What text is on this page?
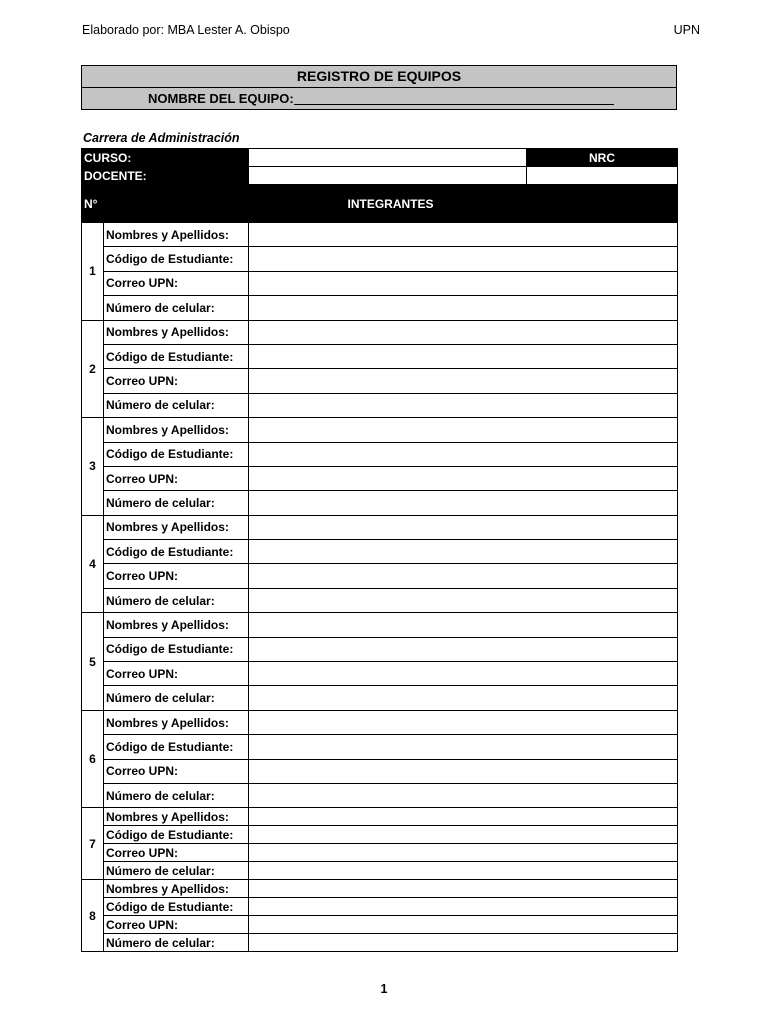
Elaborado por: MBA Lester A. Obispo	UPN
REGISTRO DE EQUIPOS
NOMBRE DEL EQUIPO:
Carrera de Administración
CURSO:			NRC
DOCENTE:			
N°	INTEGRANTES		
1	Nombres y Apellidos:		
	Código de Estudiante:		
	Correo UPN:		
	Número de celular:		
2	Nombres y Apellidos:		
	Código de Estudiante:		
	Correo UPN:		
	Número de celular:		
3	Nombres y Apellidos:		
	Código de Estudiante:		
	Correo UPN:		
	Número de celular:		
4	Nombres y Apellidos:		
	Código de Estudiante:		
	Correo UPN:		
	Número de celular:		
5	Nombres y Apellidos:		
	Código de Estudiante:		
	Correo UPN:		
	Número de celular:		
6	Nombres y Apellidos:		
	Código de Estudiante:		
	Correo UPN:		
	Número de celular:		
7	Nombres y Apellidos:		
	Código de Estudiante:		
	Correo UPN:		
	Número de celular:		
8	Nombres y Apellidos:		
	Código de Estudiante:		
	Correo UPN:		
	Número de celular:		
1
